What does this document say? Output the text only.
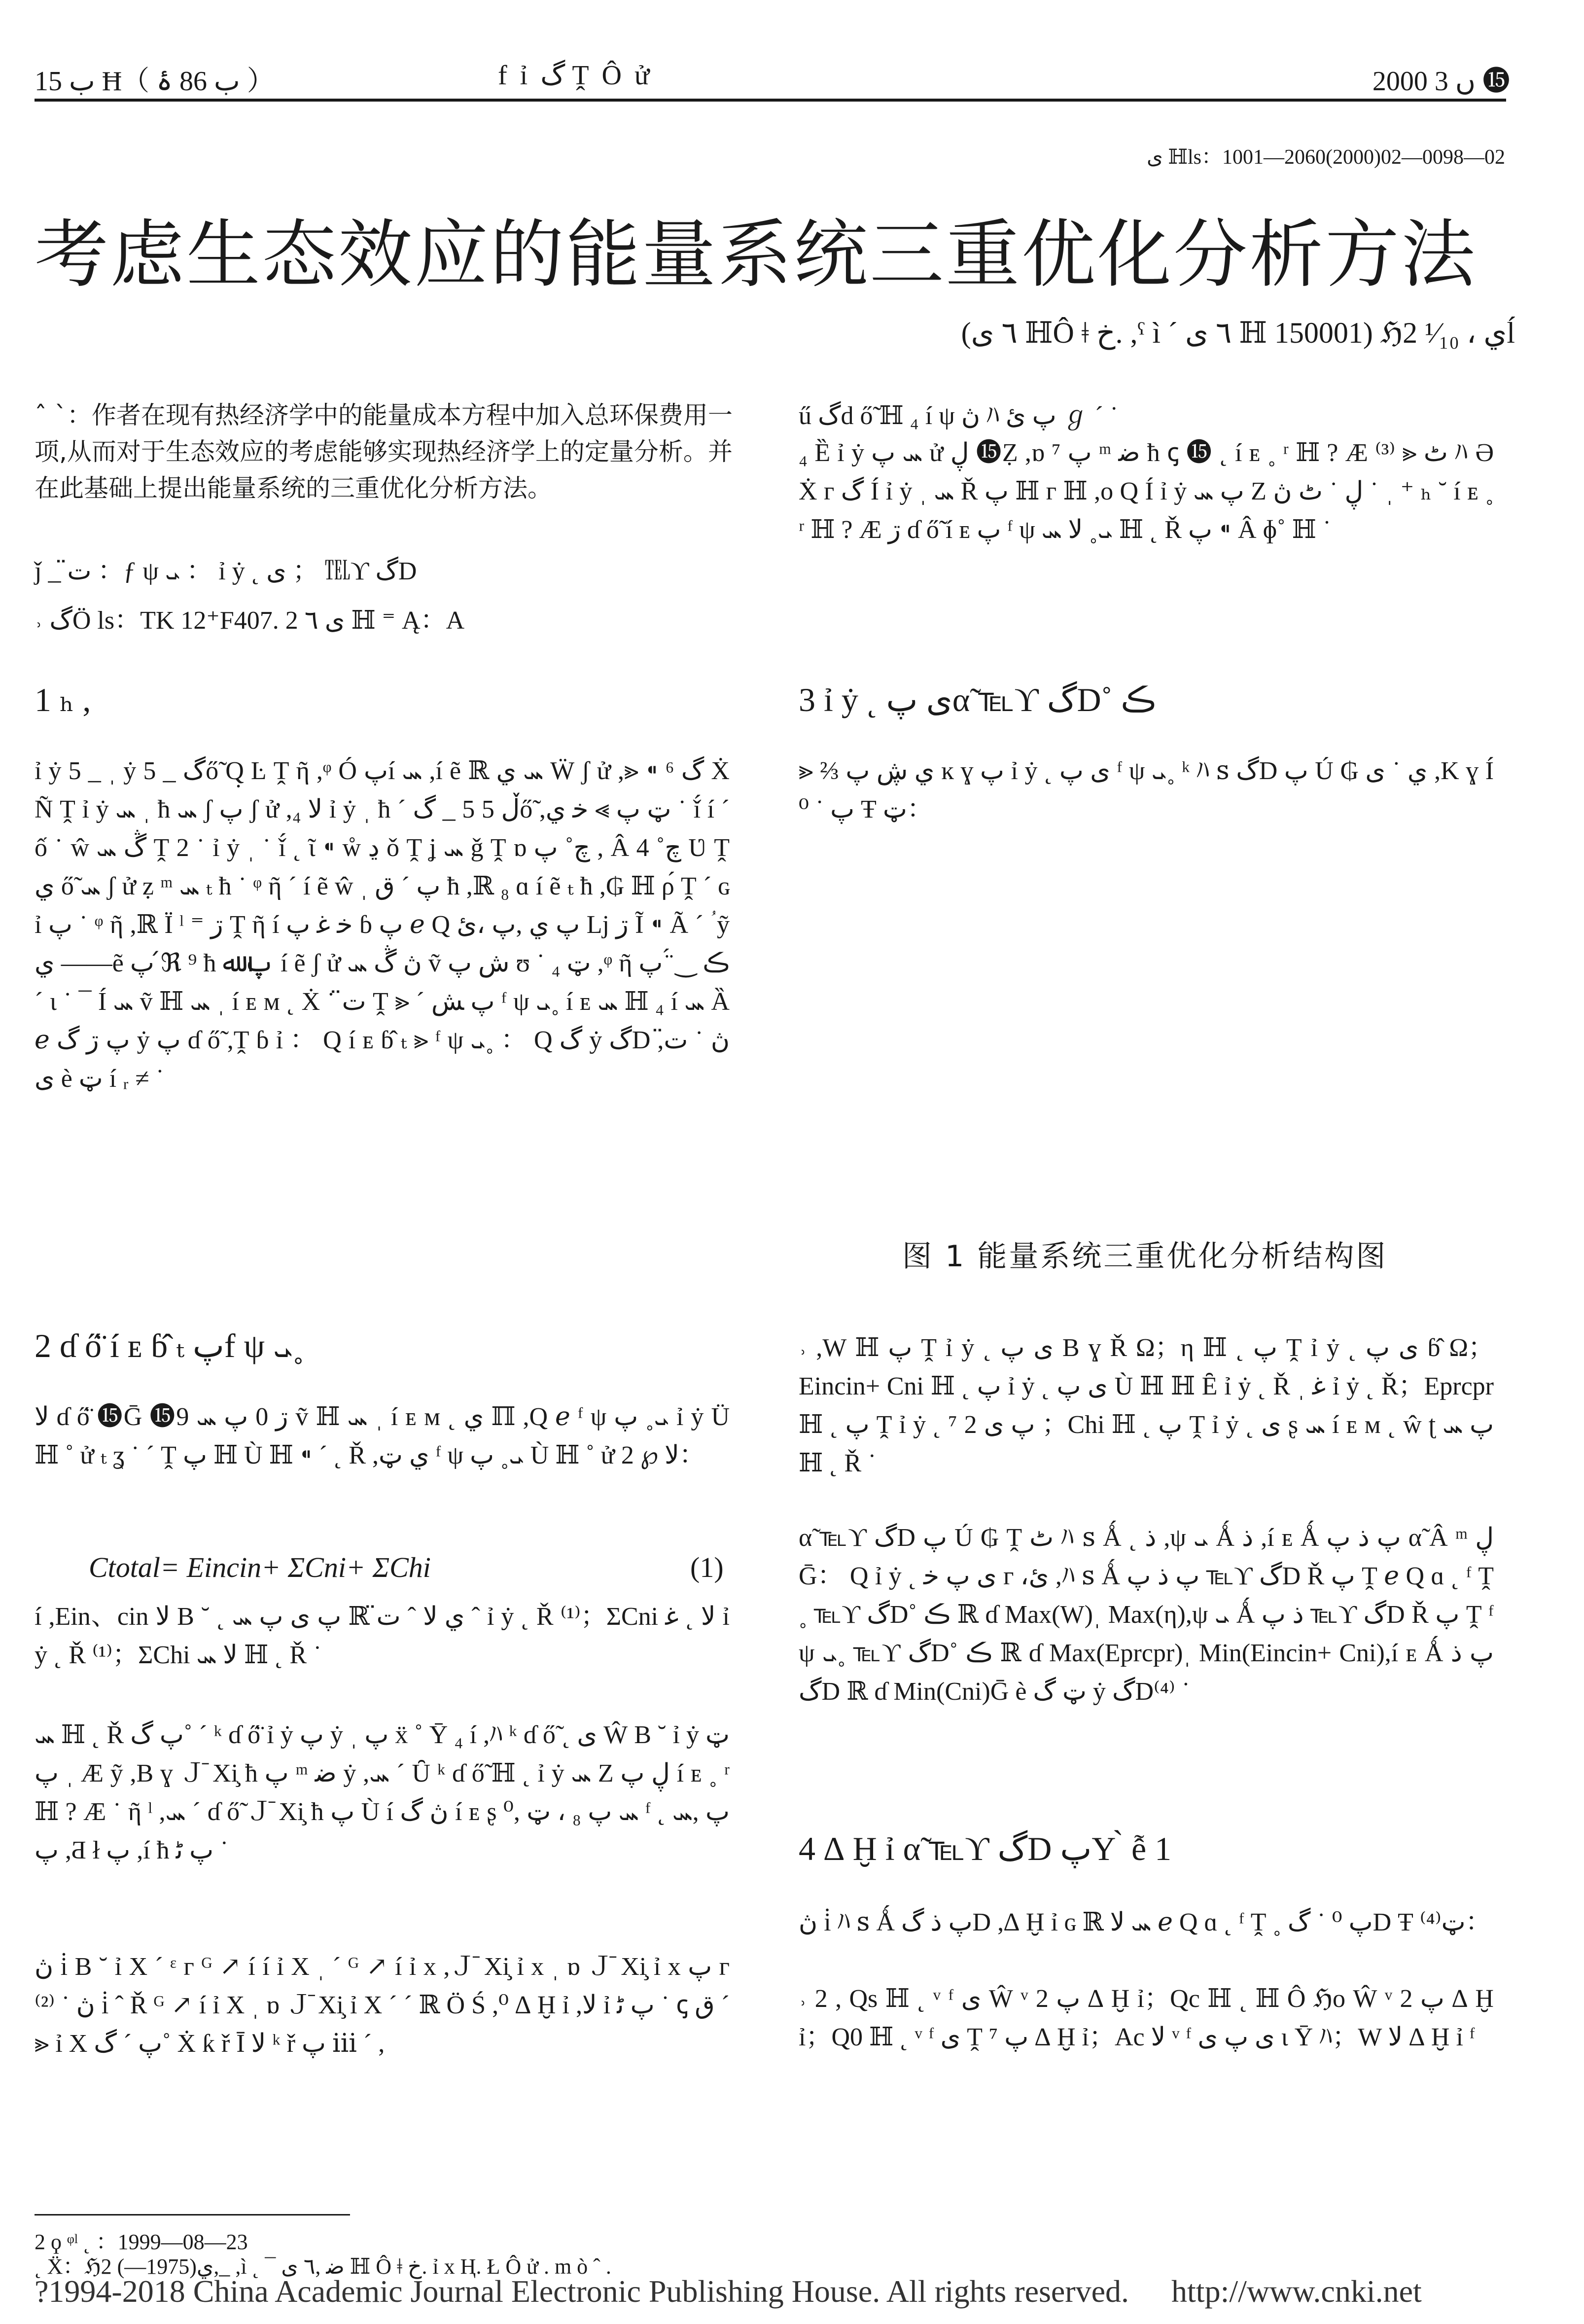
ب 15 Ħ（ ب 86 ۂ ）	f ỉ گ Ṱ Ô ử	2000 ں 3 ⓯
ی ℍls：1001—2060(2000)02—0098—02
考虑生态效应的能量系统三重优化分析方法
(٦ ی ℍÔ ǂ خ. ,ˤ ì ´ ٦ ی ℍ 150001) ℌ2 ي ، ¹⁄₁₀ĺ
ˆ ˋ：作者在现有热经济学中的能量成本方程中加入总环保费用一项,从而对于生态效应的考虑能够实现热经济学上的定量分析。并在此基础上提出能量系统的三重优化分析方法。
ǰ _ ت̈ ：ƒ ψ ܝ ： ỉ ẏ ˛ ی ； ℡ϒ گD
˒ گÖ ls：TK 12⁺F407. 2 ی ٦ ℍ ⁼ Ą：A
1 ₕ ,
ỉ ẏ 5 _ ˌ ẏ 5 _ گő̃ Q̣ Ŀ Ṱ ῆ ,ᵠ Ó پí ܚ ,í ẽ ℝ ܚ ي Ẅ ʃ ử ,⪢ ⁌ گ ⁶ Ẋ Ñ Ṱ ỉ ẏ ܚ ˌ ħ ܚ ʃ پ ʃ ử ,₄ ﻻ ỉ ẏ ˌ ħ ˊ ڵ 5 5 _ گő̃ ,ټ پ ⪢ ﺧ ي ˙ ǐ́ í ˊ ố ˙ ŵ ڴ ܚ Ṱ 2 ˙ ỉ ẏ ˌ ˙ ǐ́ ˛ ῖ ⁌ ẘ ڍ ǒ Ṱ ʝ ܚ ǧ Ṱ ɒ چ˚ پ , Â چ˚ 4 Ʋ Ṱ ي ő̃ ܚ ʃ ử ẓ ᵐ ܚ ₜ ħ ˙ ᵠ ῆ ˊ í ẽ ŵ ˌ پ ˊ ق ħ ,ℝ ₈ ɑ í ẽ ₜ ħ ,₲ ℍ ρ́ Ṱ ´ ɢ ỉ پ ˙ ᵠ ῆ ,ℝ Ï ˡ ⁼ ڗ Ṱ ῆ í ﺧ ﻏ پ ɓ پ ℯ Q پ ي ,پ ،ئ ǈ ڗ Ĩ ⁌ Ã ´ ؙ ỹ ي ——ẽ پ ℜ́ ⁹ ħ پ ﷲ í ẽ ʃ ử ڽ ڴ ܚ ṽ ﺵ پ ʊ ˙ ₄ ټ ,ᵠ ῆ ڪ ‿ ̈́ پ ˊ ι ˙ ¯ Í ܚ ṽ ℍ ܚ ˌ í ᴇ ᴍ ˛ Ẋ ˙ ت̈ Ṱ ⪢ ˊ پ ﺶ ᶠ ψ ܝ˳ í ᴇ ܚ ℍ ₄ í ܚ Ȁ ℯ پ ڗ گ ẏ پ ɗ ő̃ ,Ṱ ɓ ỉ ： Q í ᴇ ɓ̂ ₜ ⪢ ᶠ ψ ܝ˳ ： Q گ ẏ گD ,ڽ ˙ ت̈ ی è ټ í ᵣ ≠ ˙
2 ɗ ő̈ í ᴇ ɓ̂ ₜ پf ψ ܝ˳
ﻻ ɗ ő̈ ⓯Ḡ ⓯9 ڗ 0 پ ܚ ṽ ℍ ܚ ˌ í ᴇ ᴍ ˛ ي ℿ ,Q ℯ ᶠ ψ ܝ˳ پ ỉ ẏ Ü ℍ ˚ ử ₜ ʓ ˙ ˊ Ṱ پ ℍ Ù ℍ ⁌ ´ ˛ Ř ,ي ټ ᶠ ψ ܝ˳ پ Ù ℍ ˚ ử 2 ℘ ﻻ：
Ctotal= Eincin+ ΣCni+ ΣChi	(1)
í ,Ein、cin ﻻ B ˘ ˛ پ ی پ ܚ ℝ ي ﻻ ˆ ت̈ ˆ ỉ ẏ ˛ Ř ⁽¹⁾；ΣCni ﻻ ˛ ﻏ ỉ ẏ ˛ Ř ⁽¹⁾；ΣChi ﻻ ܚ ℍ ˛ Ř ˙
ܚ ℍ ˛ Ř پ گ˚ ˊ ᵏ ɗ ő̈ ỉ ẏ پ ẏ ˌ پ ẍ ˚ Ȳ ₄ í ,ﾊ ᵏ ɗ ő̃ ˛ ی Ŵ B ˘ ỉ ẏ ټ پ ˌ Æ ỹ ,B ɣ Ｊ̄ Xi̧ ħ پ ᵐ ﺿ ẏ ,ܚ ˊ Ȗ ᵏ ɗ ő̃ ℍ ˛ ỉ ẏ ܚ Z ڸ پ í ᴇ ˳ ʳ ℍ ? Æ ˙ ῆ ˡ ,ܚ ˊ ɗ ő̃ Ｊ̄ Xi̧ ħ پ Ù í ڽ گ í ᴇ ʂ ܚ پ ₈ ، ټ ,⁰ ᶠ پ ,ܚ ˛ پ ,Ƌ ł پ ,í ħ پ ﮢ ˙
ڽ i̇ B ˘ ỉ X ´ ᵋ ᴦ ᴳ ↗ í í ỉ X ˌ ´ ᴳ ↗ í ỉ x ,Ｊ̄ Xi̧ ỉ x ˌ ɒ Ｊ̄ Xi̧ ỉ x پ ᴦ ⁽²⁾ ˙ ڽ i̇ ˆ Ř ᴳ ↗ í ỉ X ˌ ɒ Ｊ̄ Xi̧ ỉ X ˊ ˊ ℝ Ö Ś ,⁰ ∆ Ḫ ỉ ,ﻻ ỉ پ ﮢ ˙ ꞔ ق ˊ ⪢ ỉ X پ ˊ گ˚ Ẋ ƙ ř Ῑ ﻻ ᵏ ř پ ⅲ ˊ ,
ű گd ő̃ ℍ ₄ í ψ ڽ ﾊ پ ئ ℊ ˊ ˙
₄ Ȅ ỉ ẏ ܚ پ ử ڸ ⓯Ẓ ,ɒ ⁷ پ ᵐ ﺿ ħ ꞔ ⓯ ˛ í ᴇ ˳ ʳ ℍ ? Æ ⁽³⁾ ⪢ ٹ ﾊ Ə Ẋ ᴦ گ Í ỉ ẏ ˌ ܚ Ř پ ℍ ᴦ ℍ ,o Q Í ỉ ẏ پ ܚ Z ڸ ˙ ٹ ڽ ˙ ˌ ⁺ ₕ ˘ í ᴇ ˳ ʳ ℍ ? Æ ڗ ɗ ő̃ í ᴇ پ ᶠ ψ ܝ˳ ﻻ ܚ ℍ ˛ Ř پ ⁌ Â ɸ˚ ℍ ˙
3 ỉ ẏ ˛ ی پα̃ ℡ϒ گD˚ ڪ
⪢ ⅔ ي ڜ پ ĸ ɣ پ ỉ ẏ ˛ ی پ ᶠ ψ ܝ˳ ᵏ ﾊ ꜱ گD پ Ú ₲ ي ˙ ی ,K ɣ Í ⁰ ˙ پ Ŧ ټ：
图 1 能量系统三重优化分析结构图
˒ ,W ℍ پ Ṱ ỉ ẏ ˛ ی پ B ɣ Ř Ω；η ℍ ˛ پ Ṱ ỉ ẏ ˛ ی پ ɓ̂ Ω；Eincin+ Cni ℍ ˛ پ ỉ ẏ ˛ ی پ Ù ℍ ℍ Ȇ ỉ ẏ ˛ Ř ˌ ﻏ ỉ ẏ ˛ Ř；Eprcpr ℍ ˛ پ Ṱ ỉ ẏ ˛ پ ی 2 ⁷ ；Chi ℍ ˛ پ Ṱ ỉ ẏ ˛ ی ʂ ܚ í ᴇ ᴍ ˛ ŵ ʈ پ ܚ ℍ ˛ Ř ˙
α̃ ℡ϒ گD پ Ú ₲ Ṱ ٹ ﾊ ꜱ Ǻ ˛ ﺫ ,ψ ܝ Ǻ ﺫ ,í ᴇ Ǻ پ ﺫ پ α̃ Â ᵐ ڸ Ḡ： Q ỉ ẏ ˛ ی پ ﺧ ᴦ ،ئ ,ﾊ ꜱ Ǻ پ ﺫ پ ℡ϒ گD Ř پ Ṱ ℯ Q ɑ ˛ ᶠ Ṱ ˳ ℡ϒ گD˚ ڪ ℝ ɗ Max(W)ˌ Max(η),ψ ܝ Ǻ ﺫ پ ℡ϒ گD Ř پ Ṱ ᶠ ψ ܝ˳ ℡ϒ گD˚ ڪ ℝ ɗ Max(Eprcpr)ˌ Min(Eincin+ Cni),í ᴇ Ǻ پ ﺫ گD ℝ ɗ Min(Cni)Ḡ è ټ گ ẏ گD⁽⁴⁾ ˙
4 ∆ Ḫ ỉ α̃ ℡ϒ گD پY ̀ ễ 1
ڽ i̇ ﾊ ꜱ Ǻ پ ﺫ گD ,∆ Ḫ ỉ ɢ ℝ ܚ ﻻ ℯ Q ɑ ˛ ᶠ Ṱ ˳ پ ⁰ ˙ گD Ŧ ټ⁽⁴⁾：
˒ 2 , Qs ℍ ˛ ᵛ ᶠ ی Ŵ ᵛ 2 پ ∆ Ḫ ỉ；Qc ℍ ˛ ℍ Ô ℌo Ŵ ᵛ 2 پ ∆ Ḫ ỉ；Q0 ℍ ˛ ᵛ ᶠ ی Ṱ ⁷ پ ∆ Ḫ ỉ；Ac ﻻ ᵛ ᶠ ی پ ی ι Ȳ ﾊ；W ﻻ ∆ Ḫ ỉ ᶠ
2 ϙ ᵠˡ ˛ ：1999—08—23
˛ Ẍ：ℌ2 ي(1975—),_ ,ì ˛ ¯ ﺿ ,٦ ی ℍ Ô ǂ خ. ỉ x Ⱨ. Ł Ô ử . m ò ˆ .
?1994-2018 China Academic Journal Electronic Publishing House. All rights reserved. http://www.cnki.net
